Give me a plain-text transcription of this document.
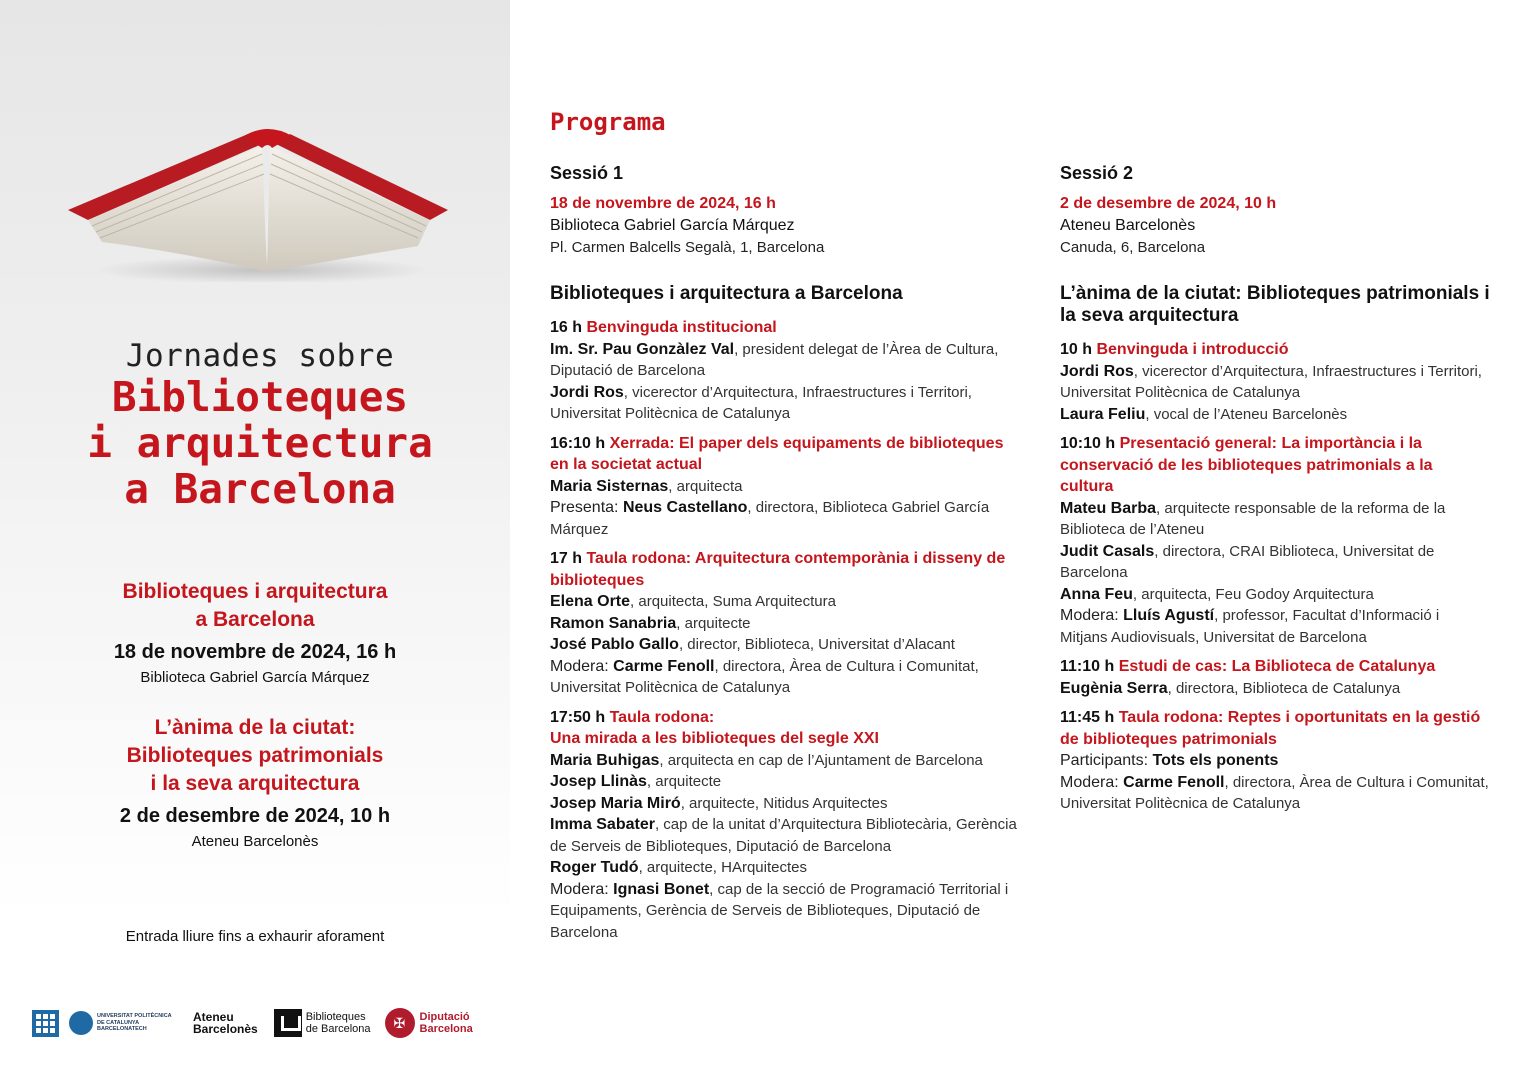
Jornades sobre
Biblioteques
i arquitectura
a Barcelona
Biblioteques i arquitectura
a Barcelona
18 de novembre de 2024, 16 h
Biblioteca Gabriel García Márquez
L’ànima de la ciutat:
Biblioteques patrimonials
i la seva arquitectura
2 de desembre de 2024, 10 h
Ateneu Barcelonès
Entrada lliure fins a exhaurir aforament
UNIVERSITAT POLITÈCNICA DE CATALUNYA BARCELONATECH
Ateneu
Barcelonès
Biblioteques
de Barcelona	✠	Diputació
Barcelona
Programa
Sessió 1
18 de novembre de 2024, 16 h
Biblioteca Gabriel García Márquez
Pl. Carmen Balcells Segalà, 1, Barcelona
Biblioteques i arquitectura a Barcelona
16 h Benvinguda institucional
Im. Sr. Pau Gonzàlez Val, president delegat de l’Àrea de Cultura, Diputació de Barcelona
Jordi Ros, vicerector d’Arquitectura, Infraestructures i Territori, Universitat Politècnica de Catalunya
16:10 h Xerrada: El paper dels equipaments de biblioteques en la societat actual
Maria Sisternas, arquitecta
Presenta: Neus Castellano, directora, Biblioteca Gabriel García Márquez
17 h Taula rodona: Arquitectura contemporània i disseny de biblioteques
Elena Orte, arquitecta, Suma Arquitectura
Ramon Sanabria, arquitecte
José Pablo Gallo, director, Biblioteca, Universitat d’Alacant
Modera: Carme Fenoll, directora, Àrea de Cultura i Comunitat, Universitat Politècnica de Catalunya
17:50 h Taula rodona:
Una mirada a les biblioteques del segle XXI
Maria Buhigas, arquitecta en cap de l’Ajuntament de Barcelona
Josep Llinàs, arquitecte
Josep Maria Miró, arquitecte, Nitidus Arquitectes
Imma Sabater, cap de la unitat d’Arquitectura Bibliotecària, Gerència de Serveis de Biblioteques, Diputació de Barcelona
Roger Tudó, arquitecte, HArquitectes
Modera: Ignasi Bonet, cap de la secció de Programació Territorial i Equipaments, Gerència de Serveis de Biblioteques, Diputació de Barcelona
Sessió 2
2 de desembre de 2024, 10 h
Ateneu Barcelonès
Canuda, 6, Barcelona
L’ànima de la ciutat: Biblioteques patrimonials i la seva arquitectura
10 h Benvinguda i introducció
Jordi Ros, vicerector d’Arquitectura, Infraestructures i Territori, Universitat Politècnica de Catalunya
Laura Feliu, vocal de l’Ateneu Barcelonès
10:10 h Presentació general: La importància i la conservació de les biblioteques patrimonials a la cultura
Mateu Barba, arquitecte responsable de la reforma de la Biblioteca de l’Ateneu
Judit Casals, directora, CRAI Biblioteca, Universitat de Barcelona
Anna Feu, arquitecta, Feu Godoy Arquitectura
Modera: Lluís Agustí, professor, Facultat d’Informació i Mitjans Audiovisuals, Universitat de Barcelona
11:10 h Estudi de cas: La Biblioteca de Catalunya
Eugènia Serra, directora, Biblioteca de Catalunya
11:45 h Taula rodona: Reptes i oportunitats en la gestió de biblioteques patrimonials
Participants: Tots els ponents
Modera: Carme Fenoll, directora, Àrea de Cultura i Comunitat, Universitat Politècnica de Catalunya
